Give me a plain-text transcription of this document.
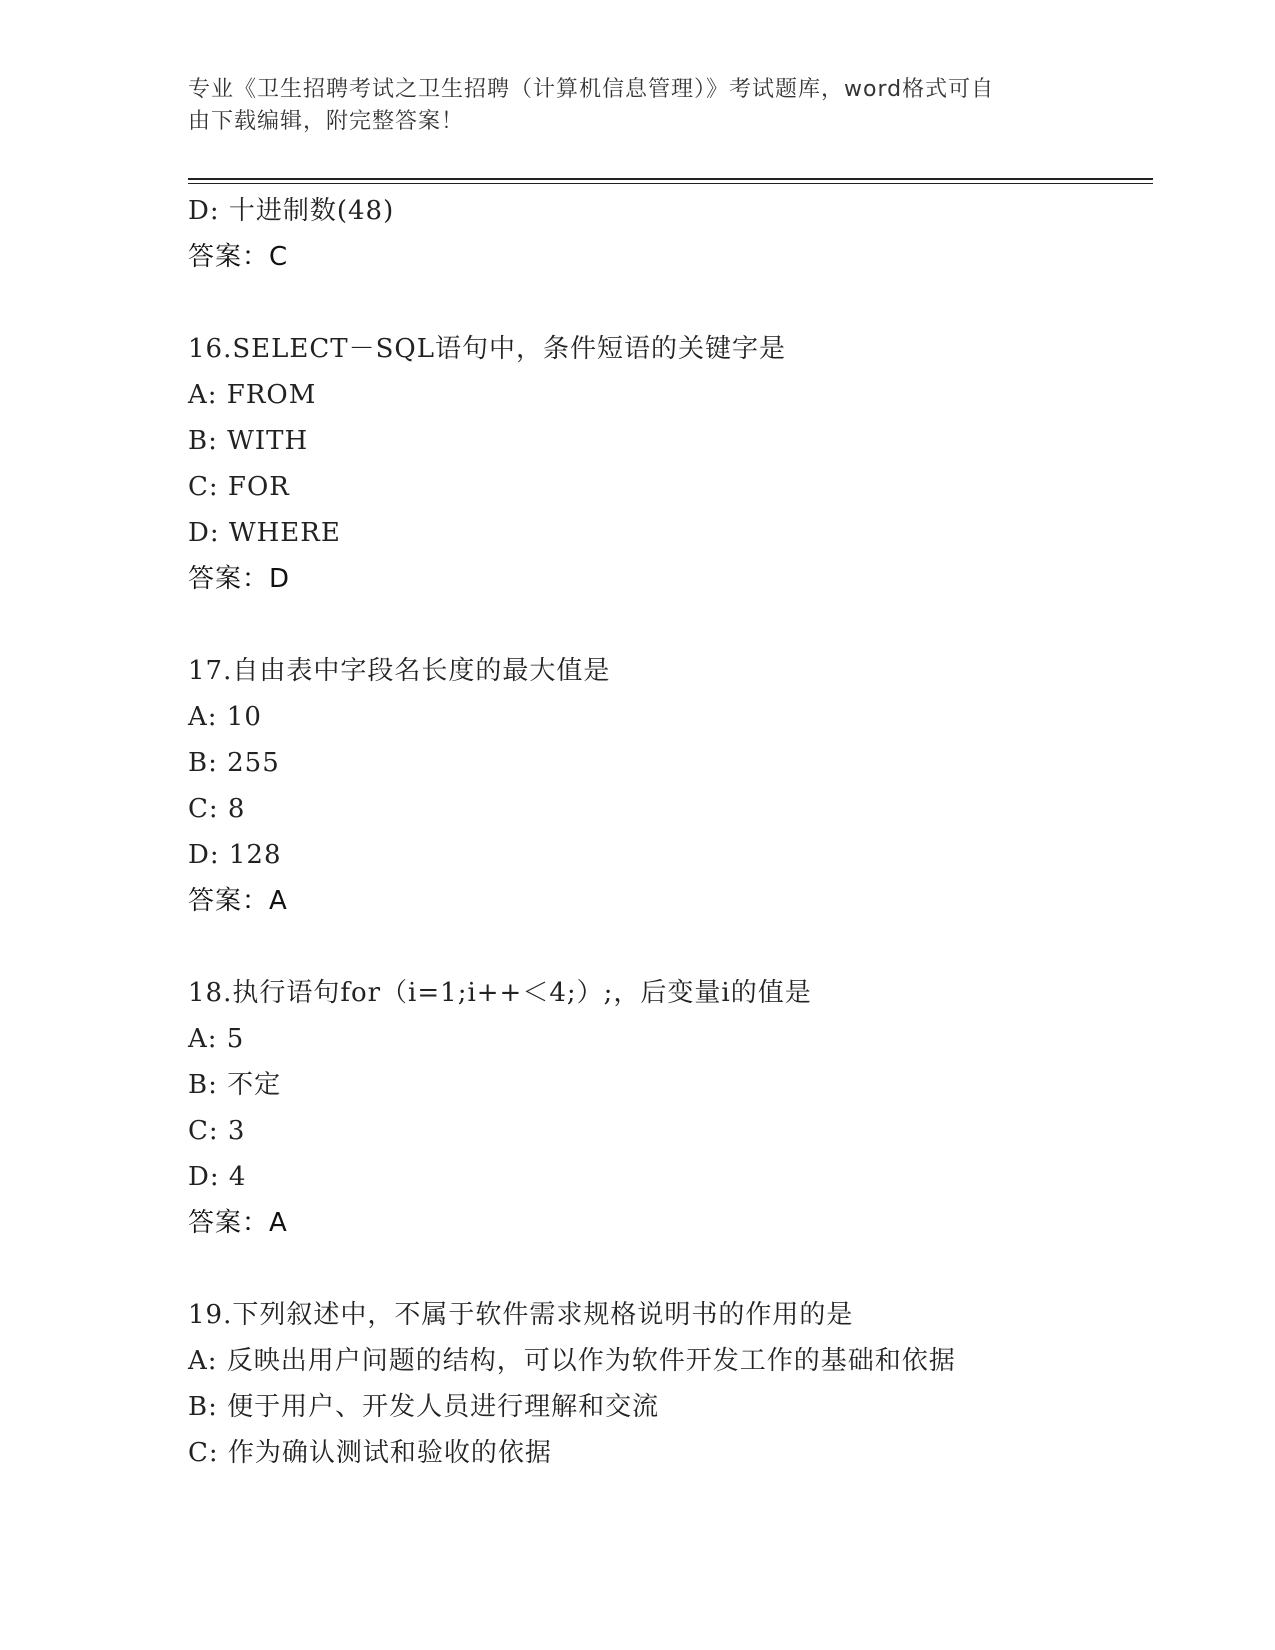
专业《卫生招聘考试之卫生招聘（计算机信息管理）》考试题库，word格式可自
由下载编辑，附完整答案！
D: 十进制数(48)
答案：C
16.SELECT－SQL语句中，条件短语的关键字是
A: FROM
B: WITH
C: FOR
D: WHERE
答案：D
17.自由表中字段名长度的最大值是
A: 10
B: 255
C: 8
D: 128
答案：A
18.执行语句for（i=1;i++＜4;）;，后变量i的值是
A: 5
B: 不定
C: 3
D: 4
答案：A
19.下列叙述中，不属于软件需求规格说明书的作用的是
A: 反映出用户问题的结构，可以作为软件开发工作的基础和依据
B: 便于用户、开发人员进行理解和交流
C: 作为确认测试和验收的依据
